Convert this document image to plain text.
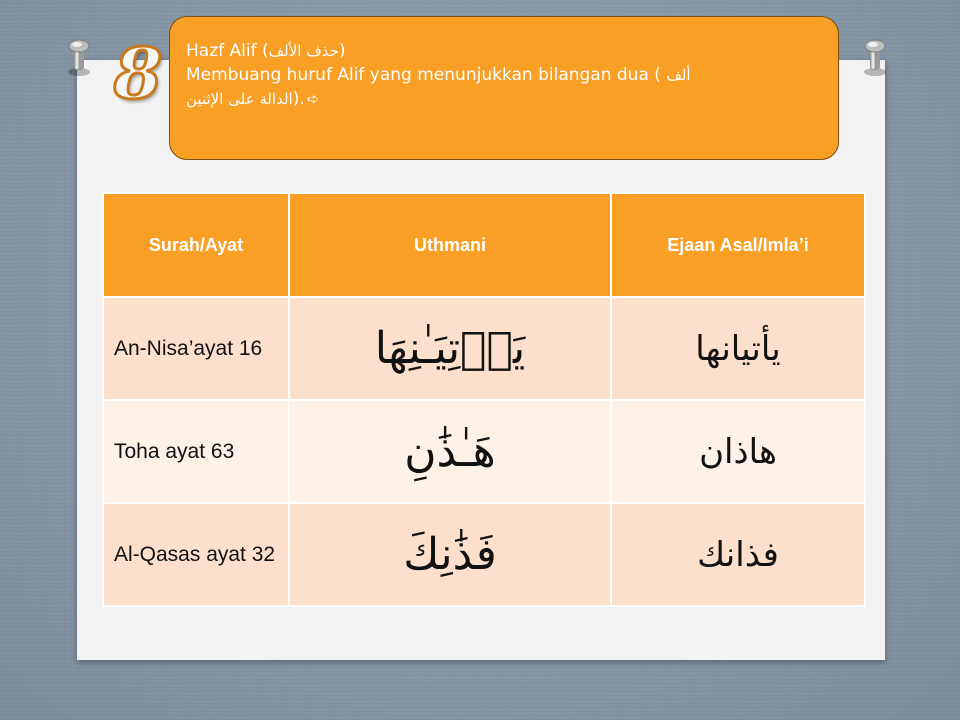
8	Hazf Alif (حذف الألف)
Membuang huruf Alif yang menunjukkan bilangan dua ( ألف
الدالة على الإثنين). ➪
Surah/Ayat	Uthmani	Ejaan Asal/Imla’i
An-Nisa’ayat 16	يَأۡتِيَـٰنِهَا	يأتيانها
Toha ayat 63	هَـٰذَٰنِ	هاذان
Al-Qasas ayat 32	فَذَٰنِكَ	فذانك
